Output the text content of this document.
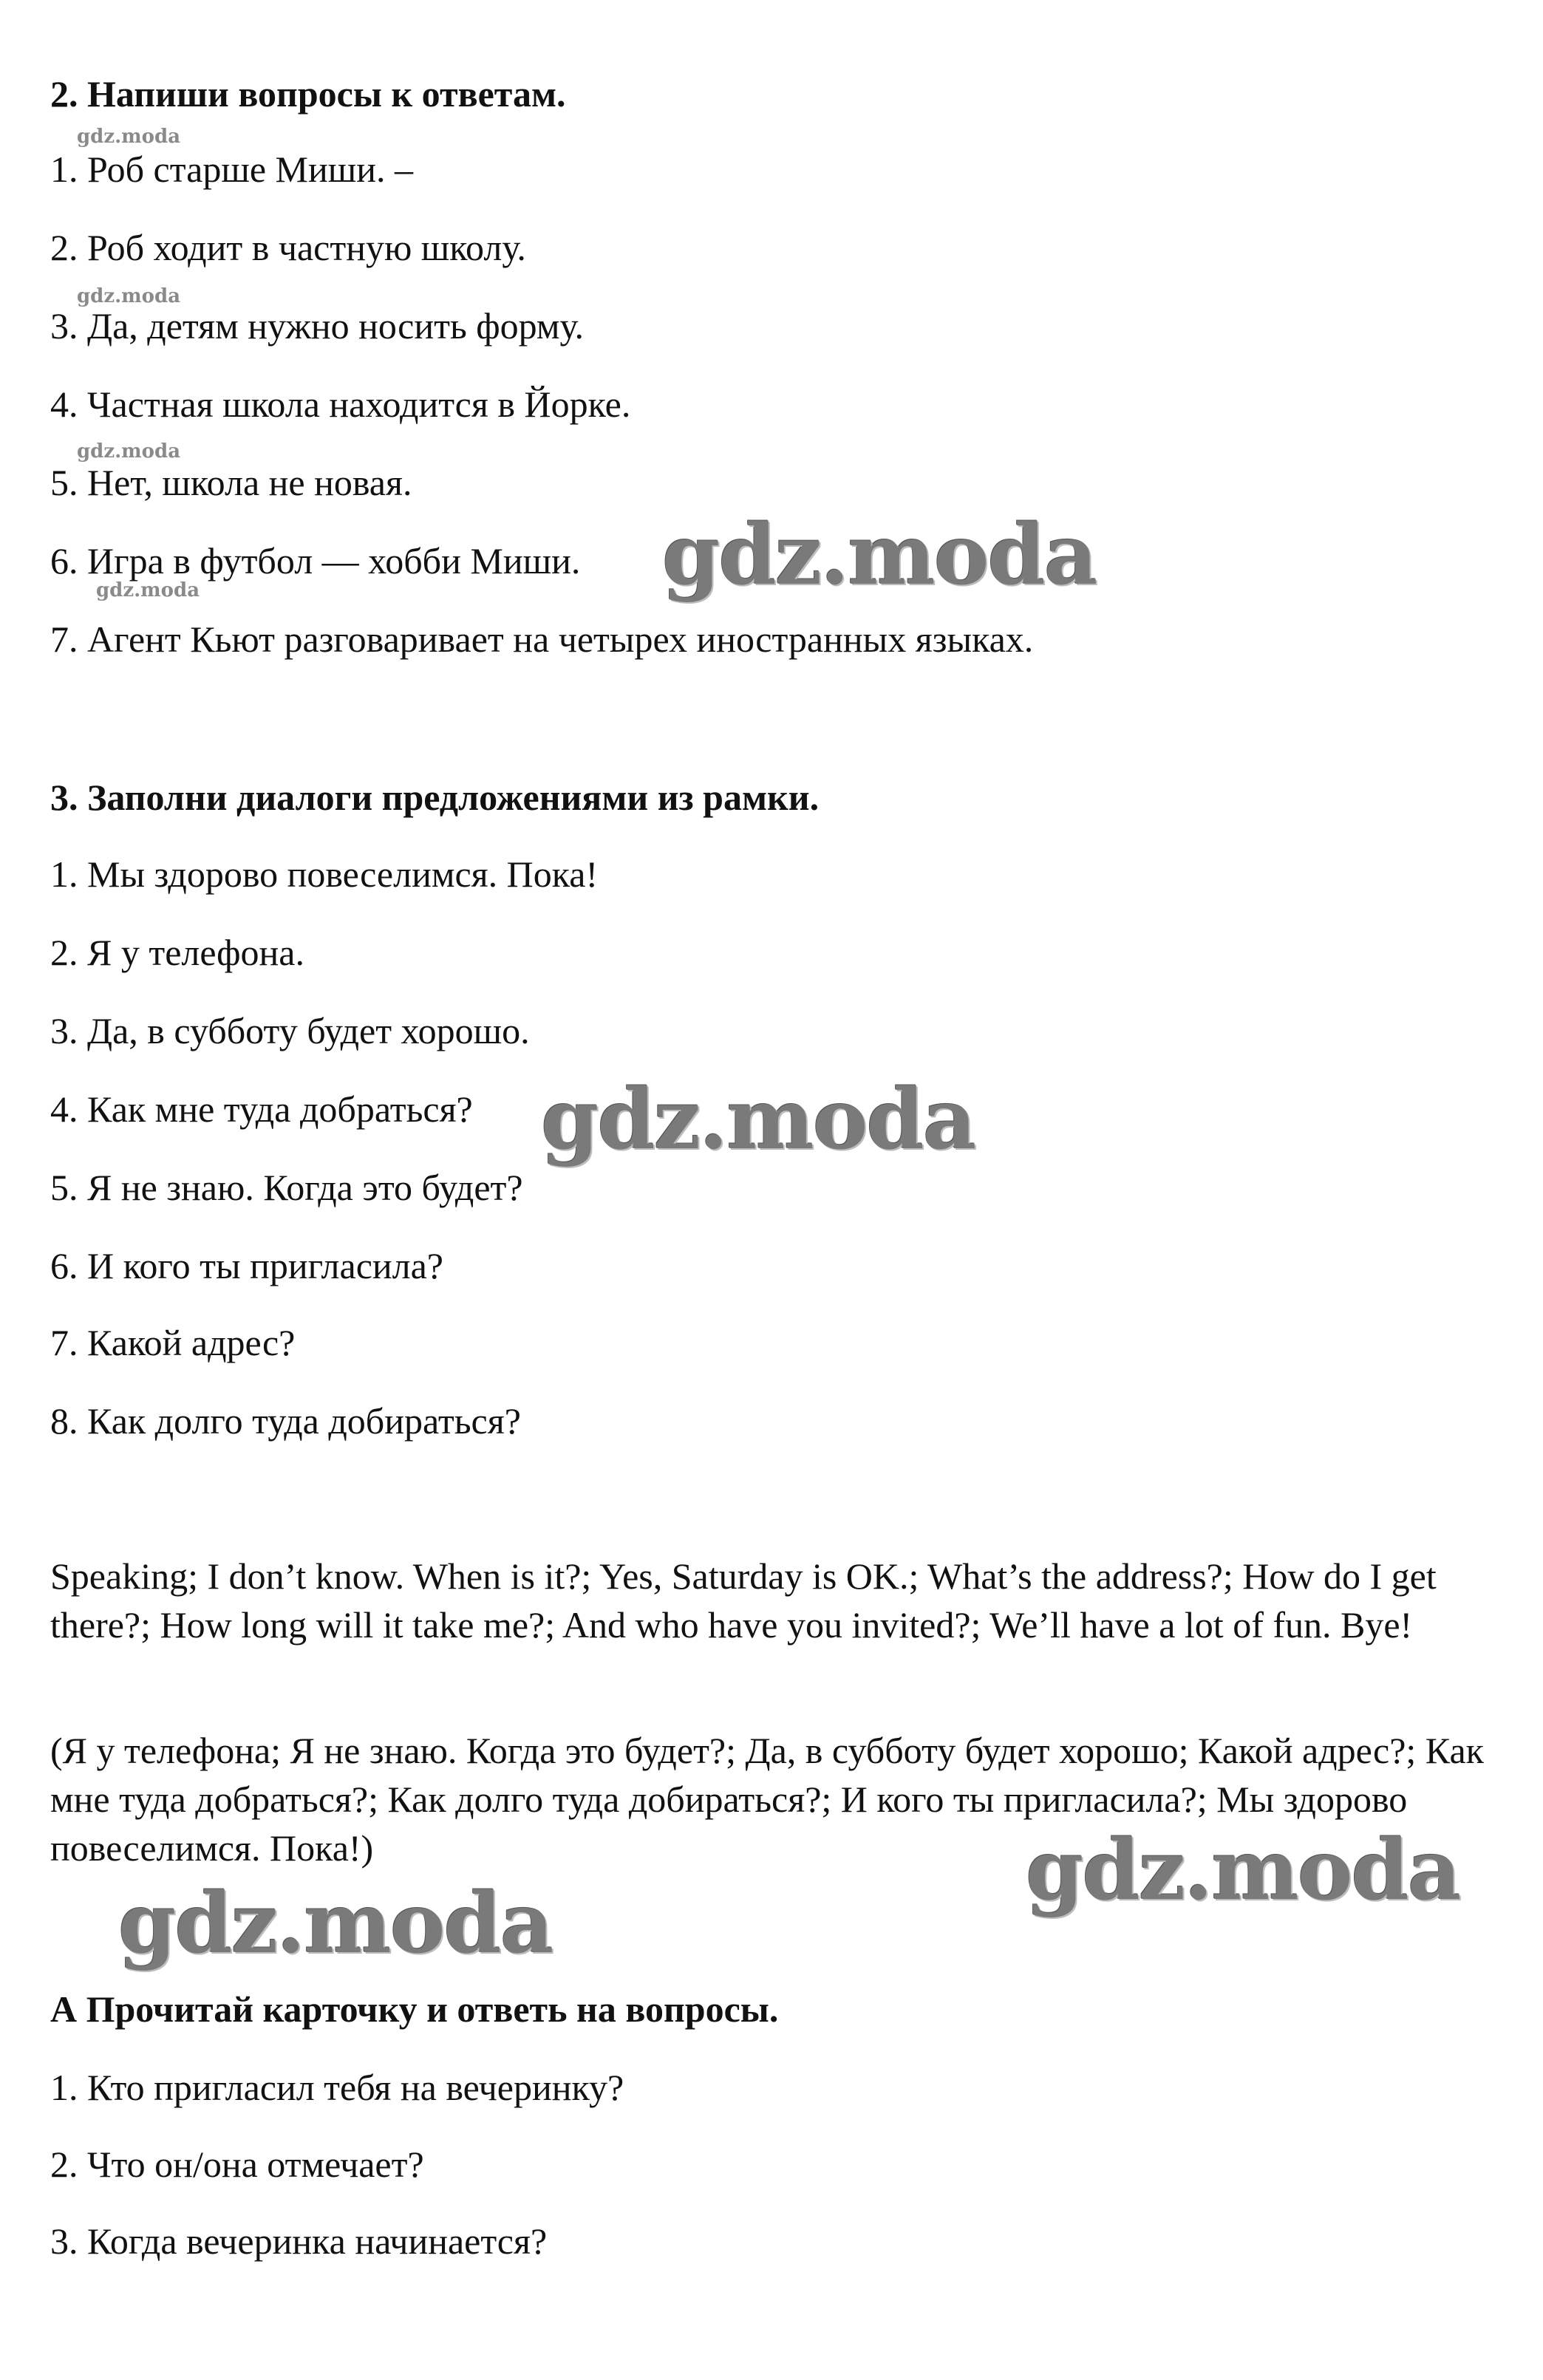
2. Напиши вопросы к ответам.
gdz.moda
1. Роб старше Миши. –
2. Роб ходит в частную школу.
gdz.moda
3. Да, детям нужно носить форму.
4. Частная школа находится в Йорке.
gdz.moda
5. Нет, школа не новая.
6. Игра в футбол — хобби Миши. gdz.moda
gdz.moda
7. Агент Кьют разговаривает на четырех иностранных языках.
3. Заполни диалоги предложениями из рамки.
1. Мы здорово повеселимся. Пока!
2. Я у телефона.
3. Да, в субботу будет хорошо.
4. Как мне туда добраться? gdz.moda
5. Я не знаю. Когда это будет?
6. И кого ты пригласила?
7. Какой адрес?
8. Как долго туда добираться?
Speaking; I don’t know. When is it?; Yes, Saturday is OK.; What’s the address?; How do I get there?; How long will it take me?; And who have you invited?; We’ll have a lot of fun. Bye!
(Я у телефона; Я не знаю. Когда это будет?; Да, в субботу будет хорошо; Какой адрес?; Как мне туда добраться?; Как долго туда добираться?; И кого ты пригласила?; Мы здорово повеселимся. Пока!)	gdz.moda
gdz.moda
А Прочитай карточку и ответь на вопросы.
1. Кто пригласил тебя на вечеринку?
2. Что он/она отмечает?
3. Когда вечеринка начинается?
